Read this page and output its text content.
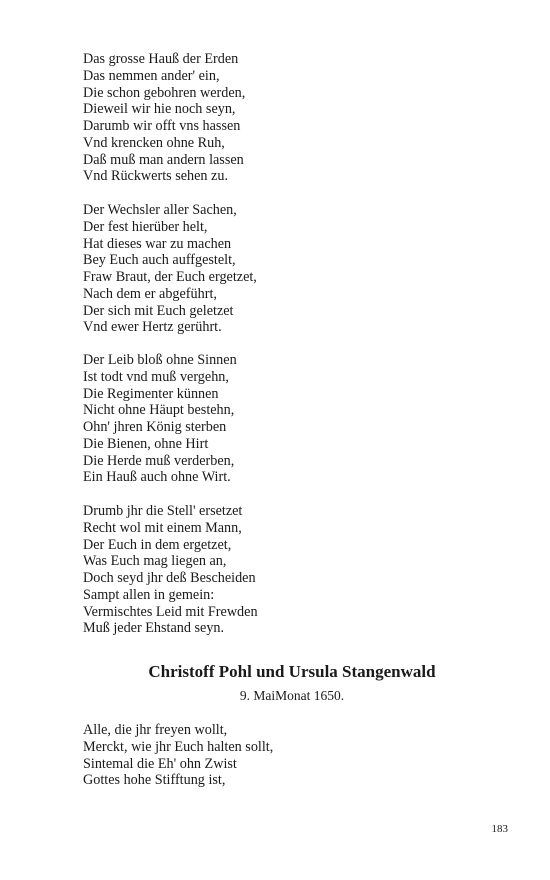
Das grosse Hauß der Erden
Das nemmen ander' ein,
Die schon gebohren werden,
Dieweil wir hie noch seyn,
Darumb wir offt vns hassen
Vnd krencken ohne Ruh,
Daß muß man andern lassen
Vnd Rückwerts sehen zu.
Der Wechsler aller Sachen,
Der fest hierüber helt,
Hat dieses war zu machen
Bey Euch auch auffgestelt,
Fraw Braut, der Euch ergetzet,
Nach dem er abgeführt,
Der sich mit Euch geletzet
Vnd ewer Hertz gerührt.
Der Leib bloß ohne Sinnen
Ist todt vnd muß vergehn,
Die Regimenter künnen
Nicht ohne Häupt bestehn,
Ohn' jhren König sterben
Die Bienen, ohne Hirt
Die Herde muß verderben,
Ein Hauß auch ohne Wirt.
Drumb jhr die Stell' ersetzet
Recht wol mit einem Mann,
Der Euch in dem ergetzet,
Was Euch mag liegen an,
Doch seyd jhr deß Bescheiden
Sampt allen in gemein:
Vermischtes Leid mit Frewden
Muß jeder Ehstand seyn.
Christoff Pohl und Ursula Stangenwald
9. MaiMonat 1650.
Alle, die jhr freyen wollt,
Merckt, wie jhr Euch halten sollt,
Sintemal die Eh' ohn Zwist
Gottes hohe Stifftung ist,
183
